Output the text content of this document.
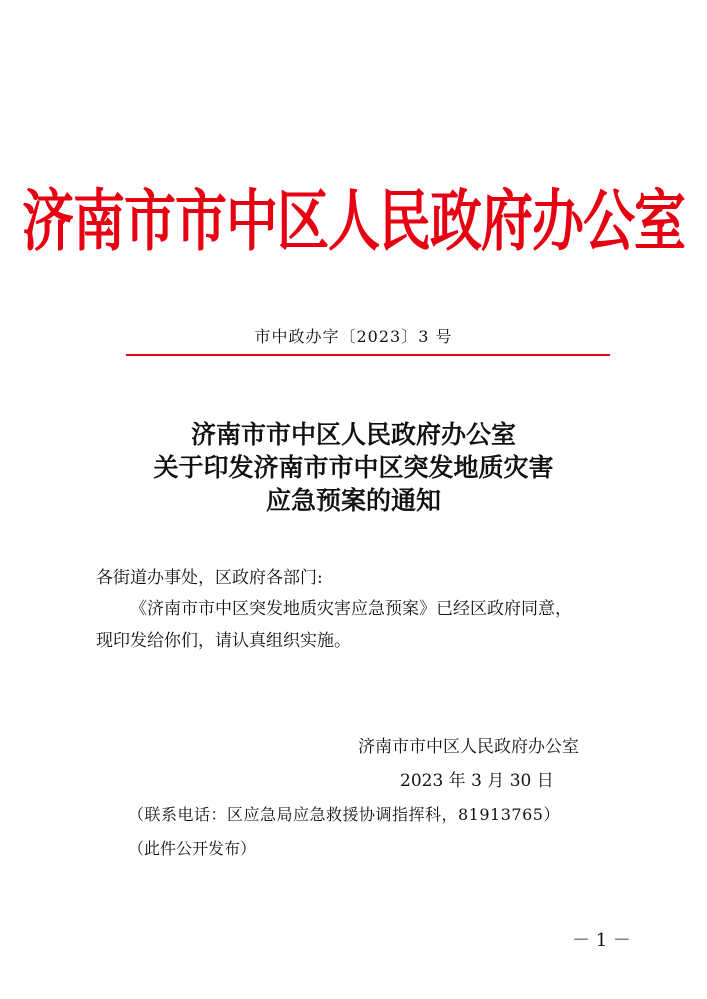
济南市市中区人民政府办公室
市中政办字〔2023〕3 号
济南市市中区人民政府办公室
关于印发济南市市中区突发地质灾害
应急预案的通知
各街道办事处，区政府各部门:
《济南市市中区突发地质灾害应急预案》已经区政府同意，
现印发给你们，请认真组织实施。
济南市市中区人民政府办公室
2023 年 3 月 30 日
（联系电话：区应急局应急救援协调指挥科，81913765）
（此件公开发布）
－ 1 －
